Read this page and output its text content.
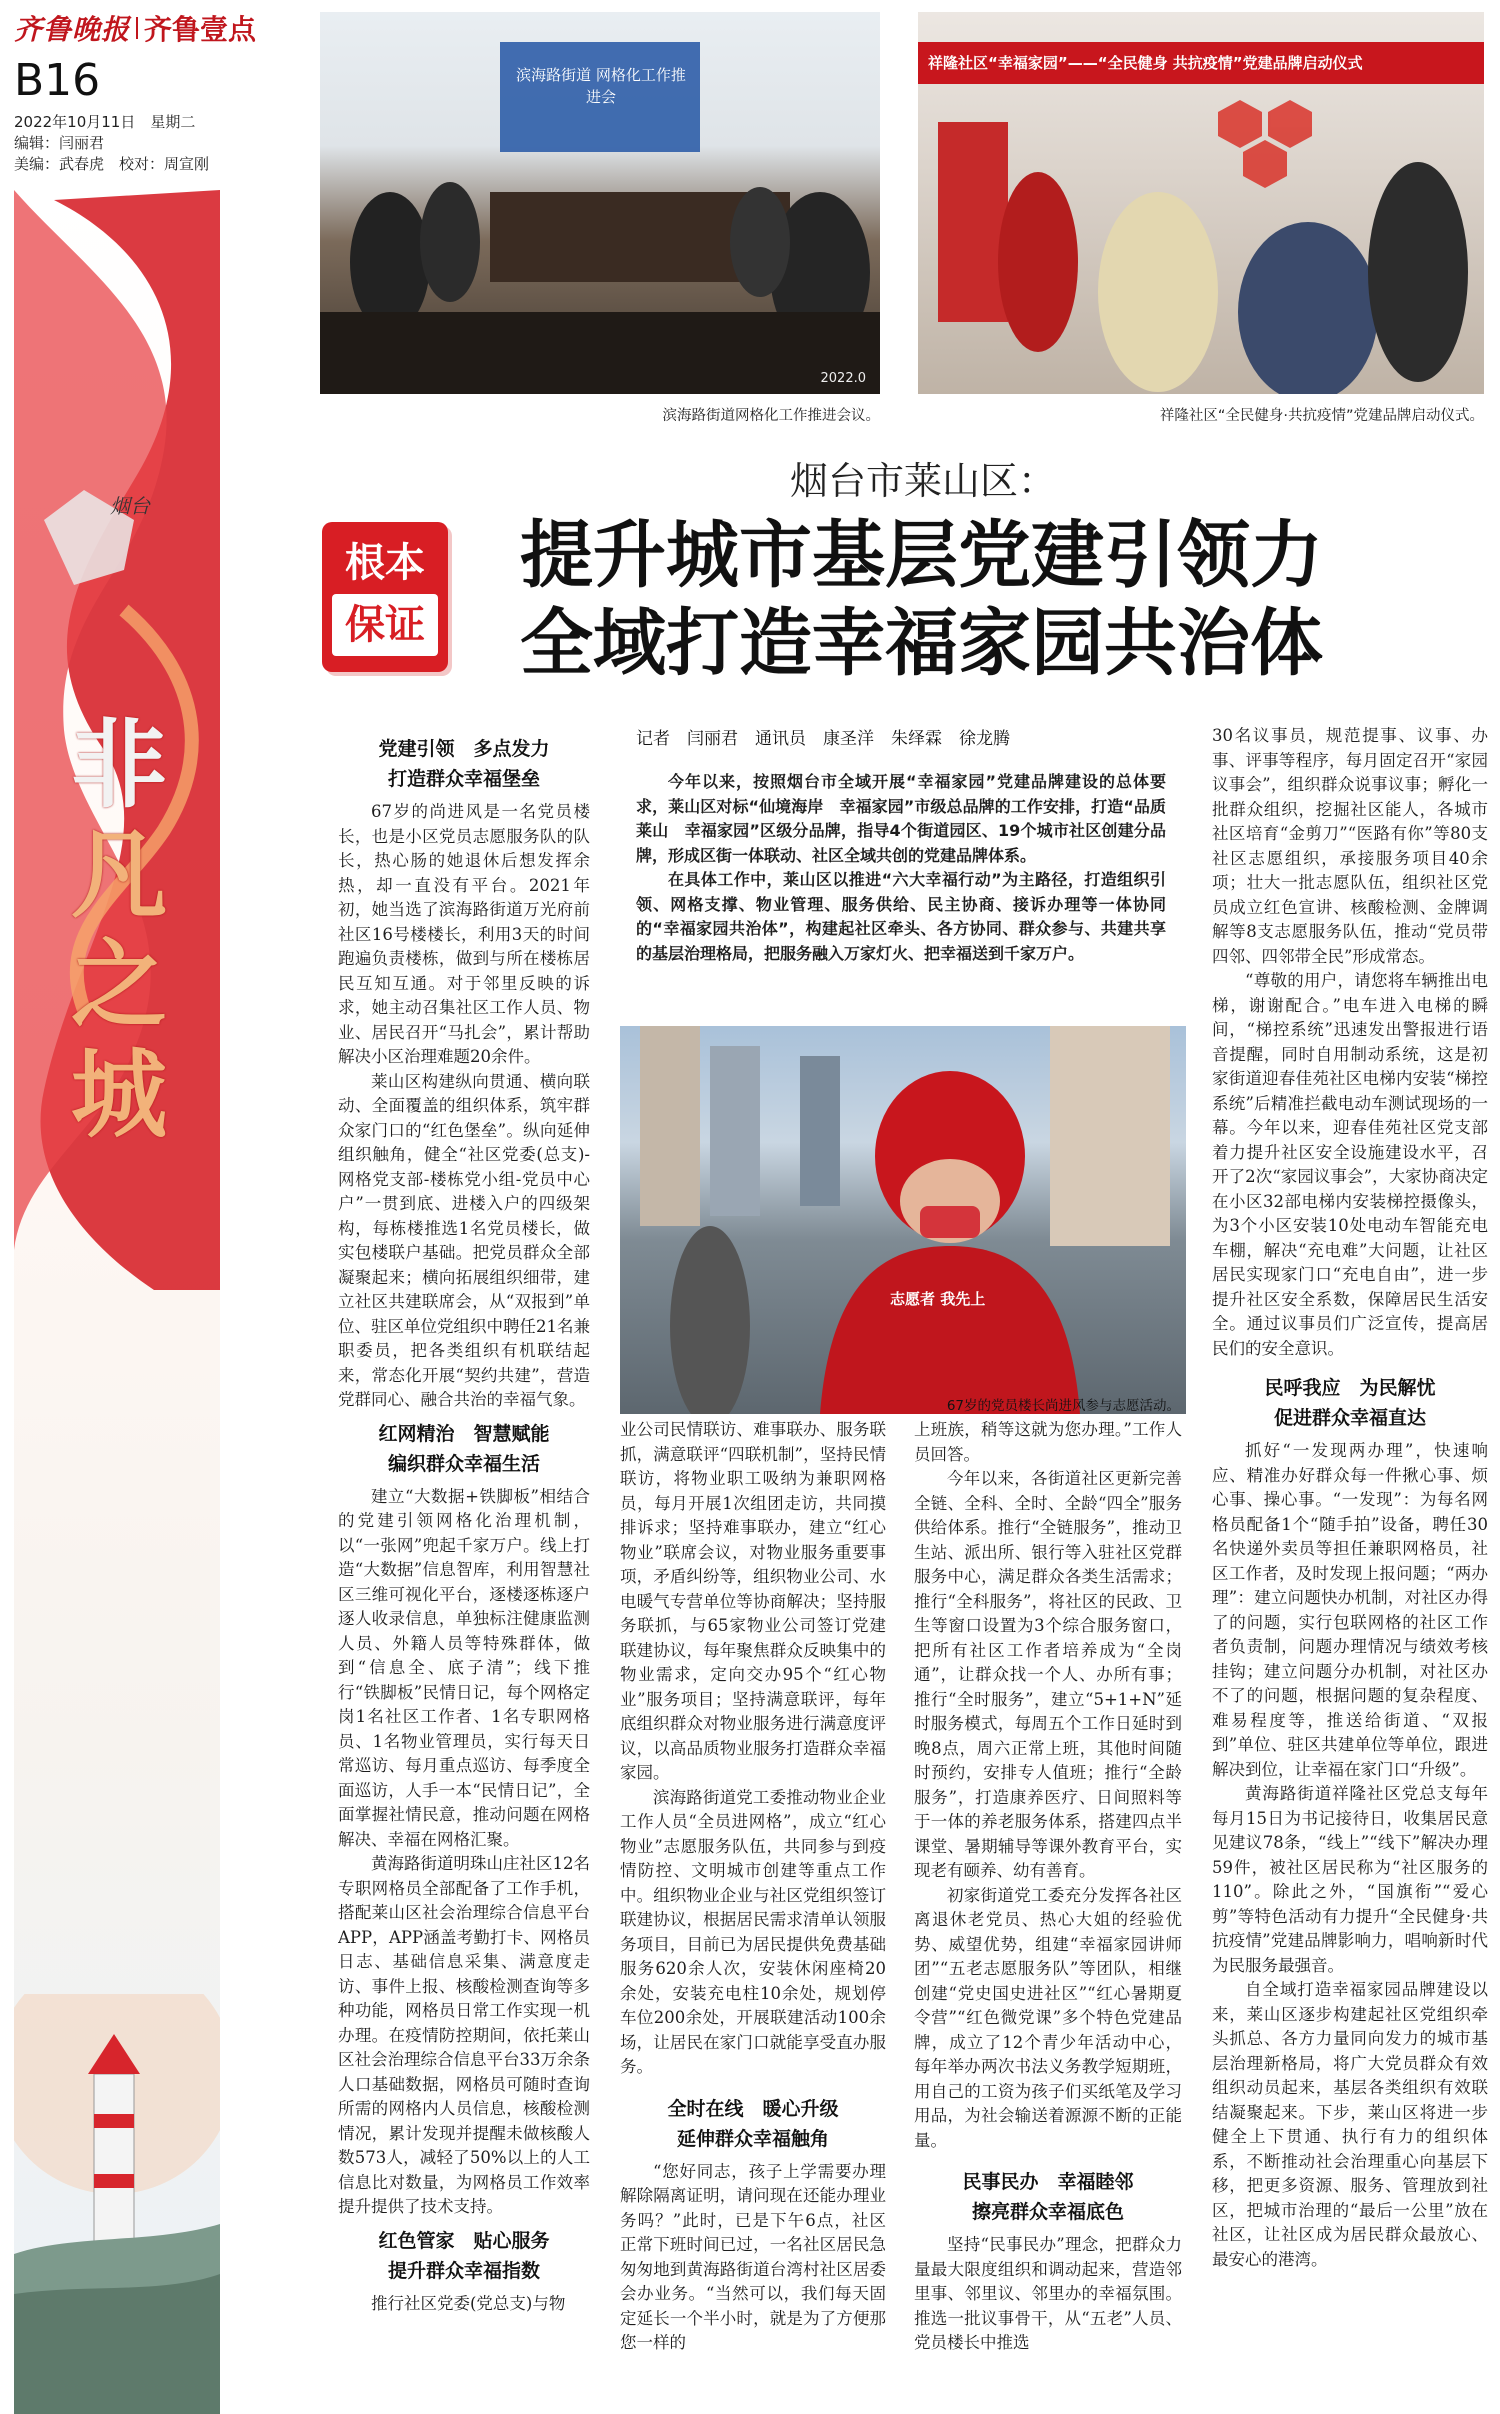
齐鲁晚报 齐鲁壹点
B16
2022年10月11日　星期二
编辑：闫丽君
美编：武春虎　校对：周宣刚
烟台
非
凡
之
城
滨海路街道 网格化工作推进会
2022.0
滨海路街道网格化工作推进会议。
祥隆社区“幸福家园”——“全民健身 共抗疫情”党建品牌启动仪式
祥隆社区“全民健身·共抗疫情”党建品牌启动仪式。
烟台市莱山区：
根本
保证
提升城市基层党建引领力
全域打造幸福家园共治体
党建引领　多点发力
打造群众幸福堡垒

67岁的尚进风是一名党员楼长，也是小区党员志愿服务队的队长，热心肠的她退休后想发挥余热，却一直没有平台。2021年初，她当选了滨海路街道万光府前社区16号楼楼长，利用3天的时间跑遍负责楼栋，做到与所在楼栋居民互知互通。对于邻里反映的诉求，她主动召集社区工作人员、物业、居民召开“马扎会”，累计帮助解决小区治理难题20余件。

莱山区构建纵向贯通、横向联动、全面覆盖的组织体系，筑牢群众家门口的“红色堡垒”。纵向延伸组织触角，健全“社区党委(总支)-网格党支部-楼栋党小组-党员中心户”一贯到底、进楼入户的四级架构，每栋楼推选1名党员楼长，做实包楼联户基础。把党员群众全部凝聚起来；横向拓展组织细带，建立社区共建联席会，从“双报到”单位、驻区单位党组织中聘任21名兼职委员，把各类组织有机联结起来，常态化开展“契约共建”，营造党群同心、融合共治的幸福气象。

红网精治　智慧赋能
编织群众幸福生活

建立“大数据+铁脚板”相结合的党建引领网格化治理机制，以“一张网”兜起千家万户。线上打造“大数据”信息智库，利用智慧社区三维可视化平台，逐楼逐栋逐户逐人收录信息，单独标注健康监测人员、外籍人员等特殊群体，做到“信息全、底子清”；线下推行“铁脚板”民情日记，每个网格定岗1名社区工作者、1名专职网格员、1名物业管理员，实行每天日常巡访、每月重点巡访、每季度全面巡访，人手一本“民情日记”，全面掌握社情民意，推动问题在网格解决、幸福在网格汇聚。

黄海路街道明珠山庄社区12名专职网格员全部配备了工作手机，搭配莱山区社会治理综合信息平台APP，APP涵盖考勤打卡、网格员日志、基础信息采集、满意度走访、事件上报、核酸检测查询等多种功能，网格员日常工作实现一机办理。在疫情防控期间，依托莱山区社会治理综合信息平台33万余条人口基础数据，网格员可随时查询所需的网格内人员信息，核酸检测情况，累计发现并提醒未做核酸人数573人，减轻了50%以上的人工信息比对数量，为网格员工作效率提升提供了技术支持。

红色管家　贴心服务
提升群众幸福指数

推行社区党委(党总支)与物

记者　闫丽君　通讯员　康圣洋　朱绎霖　徐龙腾

今年以来，按照烟台市全域开展“幸福家园”党建品牌建设的总体要求，莱山区对标“仙境海岸　幸福家园”市级总品牌的工作安排，打造“品质莱山　幸福家园”区级分品牌，指导4个街道园区、19个城市社区创建分品牌，形成区街一体联动、社区全域共创的党建品牌体系。

在具体工作中，莱山区以推进“六大幸福行动”为主路径，打造组织引领、网格支撑、物业管理、服务供给、民主协商、接诉办理等一体协同的“幸福家园共治体”，构建起社区牵头、各方协同、群众参与、共建共享的基层治理格局，把服务融入万家灯火、把幸福送到千家万户。

志愿者 我先上
67岁的党员楼长尚进风参与志愿活动。

业公司民情联访、难事联办、服务联抓，满意联评“四联机制”，坚持民情联访，将物业职工吸纳为兼职网格员，每月开展1次组团走访，共同摸排诉求；坚持难事联办，建立“红心物业”联席会议，对物业服务重要事项，矛盾纠纷等，组织物业公司、水电暖气专营单位等协商解决；坚持服务联抓，与65家物业公司签订党建联建协议，每年聚焦群众反映集中的物业需求，定向交办95个“红心物业”服务项目；坚持满意联评，每年底组织群众对物业服务进行满意度评议，以高品质物业服务打造群众幸福家园。

滨海路街道党工委推动物业企业工作人员“全员进网格”，成立“红心物业”志愿服务队伍，共同参与到疫情防控、文明城市创建等重点工作中。组织物业企业与社区党组织签订联建协议，根据居民需求清单认领服务项目，目前已为居民提供免费基础服务620余人次，安装休闲座椅20余处，安装充电柱10余处，规划停车位200余处，开展联建活动100余场，让居民在家门口就能享受直办服务。

全时在线　暖心升级
延伸群众幸福触角

“您好同志，孩子上学需要办理解除隔离证明，请问现在还能办理业务吗？”此时，已是下午6点，社区正常下班时间已过，一名社区居民急匆匆地到黄海路街道台湾村社区居委会办业务。“当然可以，我们每天固定延长一个半小时，就是为了方便那您一样的

上班族，稍等这就为您办理。”工作人员回答。

今年以来，各街道社区更新完善全链、全科、全时、全龄“四全”服务供给体系。推行“全链服务”，推动卫生站、派出所、银行等入驻社区党群服务中心，满足群众各类生活需求；推行“全科服务”，将社区的民政、卫生等窗口设置为3个综合服务窗口，把所有社区工作者培养成为“全岗通”，让群众找一个人、办所有事；推行“全时服务”，建立“5+1+N”延时服务模式，每周五个工作日延时到晚8点，周六正常上班，其他时间随时预约，安排专人值班；推行“全龄服务”，打造康养医疗、日间照料等于一体的养老服务体系，搭建四点半课堂、暑期辅导等课外教育平台，实现老有颐养、幼有善育。

初家街道党工委充分发挥各社区离退休老党员、热心大姐的经验优势、威望优势，组建“幸福家园讲师团”“五老志愿服务队”等团队，相继创建“党史国史进社区”“红心暑期夏令营”“红色微党课”多个特色党建品牌，成立了12个青少年活动中心，每年举办两次书法义务教学短期班，用自己的工资为孩子们买纸笔及学习用品，为社会输送着源源不断的正能量。

民事民办　幸福睦邻
擦亮群众幸福底色

坚持“民事民办”理念，把群众力量最大限度组织和调动起来，营造邻里事、邻里议、邻里办的幸福氛围。推选一批议事骨干，从“五老”人员、党员楼长中推选

30名议事员，规范提事、议事、办事、评事等程序，每月固定召开“家园议事会”，组织群众说事议事；孵化一批群众组织，挖掘社区能人，各城市社区培育“金剪刀”“医路有你”等80支社区志愿组织，承接服务项目40余项；壮大一批志愿队伍，组织社区党员成立红色宣讲、核酸检测、金牌调解等8支志愿服务队伍，推动“党员带四邻、四邻带全民”形成常态。

“尊敬的用户，请您将车辆推出电梯，谢谢配合。”电车进入电梯的瞬间，“梯控系统”迅速发出警报进行语音提醒，同时自用制动系统，这是初家街道迎春佳苑社区电梯内安装“梯控系统”后精准拦截电动车测试现场的一幕。今年以来，迎春佳苑社区党支部着力提升社区安全设施建设水平，召开了2次“家园议事会”，大家协商决定在小区32部电梯内安装梯控摄像头，为3个小区安装10处电动车智能充电车棚，解决“充电难”大问题，让社区居民实现家门口“充电自由”，进一步提升社区安全系数，保障居民生活安全。通过议事员们广泛宣传，提高居民们的安全意识。

民呼我应　为民解忧
促进群众幸福直达

抓好“一发现两办理”，快速响应、精准办好群众每一件揪心事、烦心事、操心事。“一发现”：为每名网格员配备1个“随手拍”设备，聘任30名快递外卖员等担任兼职网格员，社区工作者，及时发现上报问题；“两办理”：建立问题快办机制，对社区办得了的问题，实行包联网格的社区工作者负责制，问题办理情况与绩效考核挂钩；建立问题分办机制，对社区办不了的问题，根据问题的复杂程度、难易程度等，推送给街道、“双报到”单位、驻区共建单位等单位，跟进解决到位，让幸福在家门口“升级”。

黄海路街道祥隆社区党总支每年每月15日为书记接待日，收集居民意见建议78条，“线上”“线下”解决办理59件，被社区居民称为“社区服务的110”。除此之外，“国旗衔”“爱心剪”等特色活动有力提升“全民健身·共抗疫情”党建品牌影响力，唱响新时代为民服务最强音。

自全域打造幸福家园品牌建设以来，莱山区逐步构建起社区党组织牵头抓总、各方力量同向发力的城市基层治理新格局，将广大党员群众有效组织动员起来，基层各类组织有效联结凝聚起来。下步，莱山区将进一步健全上下贯通、执行有力的组织体系，不断推动社会治理重心向基层下移，把更多资源、服务、管理放到社区，把城市治理的“最后一公里”放在社区，让社区成为居民群众最放心、最安心的港湾。
